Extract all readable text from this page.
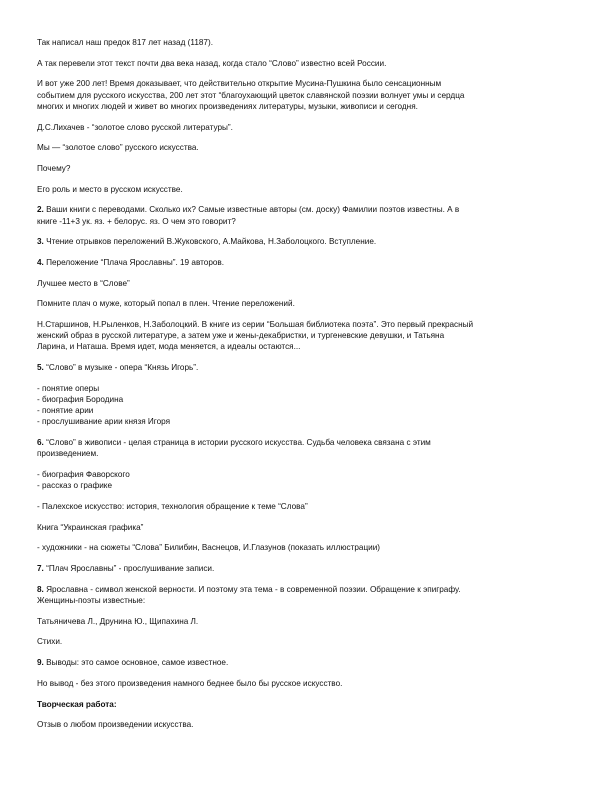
Так написал наш предок 817 лет назад (1187).

А так перевели этот текст почти два века назад, когда стало “Слово” известно всей России.

И вот уже 200 лет! Время доказывает, что действительно открытие Мусина-Пушкина было сенсационным
событием для русского искусства, 200 лет этот “благоухающий цветок славянской поэзии волнует умы и сердца
многих и многих людей и живет во многих произведениях литературы, музыки, живописи и сегодня.

Д.С.Лихачев - “золотое слово русской литературы”.

Мы — “золотое слово” русского искусства.

Почему?

Его роль и место в русском искусстве.

2. Ваши книги с переводами. Сколько их? Самые известные авторы (см. доску) Фамилии поэтов известны. А в
книге -11+3 ук. яз. + белорус. яз. О чем это говорит?

3. Чтение отрывков переложений В.Жуковского, А.Майкова, Н.Заболоцкого. Вступление.

4. Переложение “Плача Ярославны”. 19 авторов.

Лучшее место в “Слове”

Помните плач о муже, который попал в плен. Чтение переложений.

Н.Старшинов, Н.Рыленков, Н.Заболоцкий. В книге из серии “Большая библиотека поэта”. Это первый прекрасный
женский образ в русской литературе, а затем уже и жены-декабристки, и тургеневские девушки, и Татьяна
Ларина, и Наташа. Время идет, мода меняется, а идеалы остаются...

5. “Слово” в музыке - опера “Князь Игорь”.

- понятие оперы
- биография Бородина
- понятие арии
- прослушивание арии князя Игоря

6. “Слово” в живописи - целая страница в истории русского искусства. Судьба человека связана с этим
произведением.

- биография Фаворского
- рассказ о графике

- Палехское искусство: история, технология обращение к теме “Слова”

Книга “Украинская графика”

- художники - на сюжеты “Слова” Билибин, Васнецов, И.Глазунов (показать иллюстрации)

7. “Плач Ярославны” - прослушивание записи.

8. Ярославна - символ женской верности. И поэтому эта тема - в современной поэзии. Обращение к эпиграфу.
Женщины-поэты известные:

Татьяничева Л., Друнина Ю., Щипахина Л.

Стихи.

9. Выводы: это самое основное, самое известное.

Но вывод - без этого произведения намного беднее было бы русское искусство.

Творческая работа:

Отзыв о любом произведении искусства.
